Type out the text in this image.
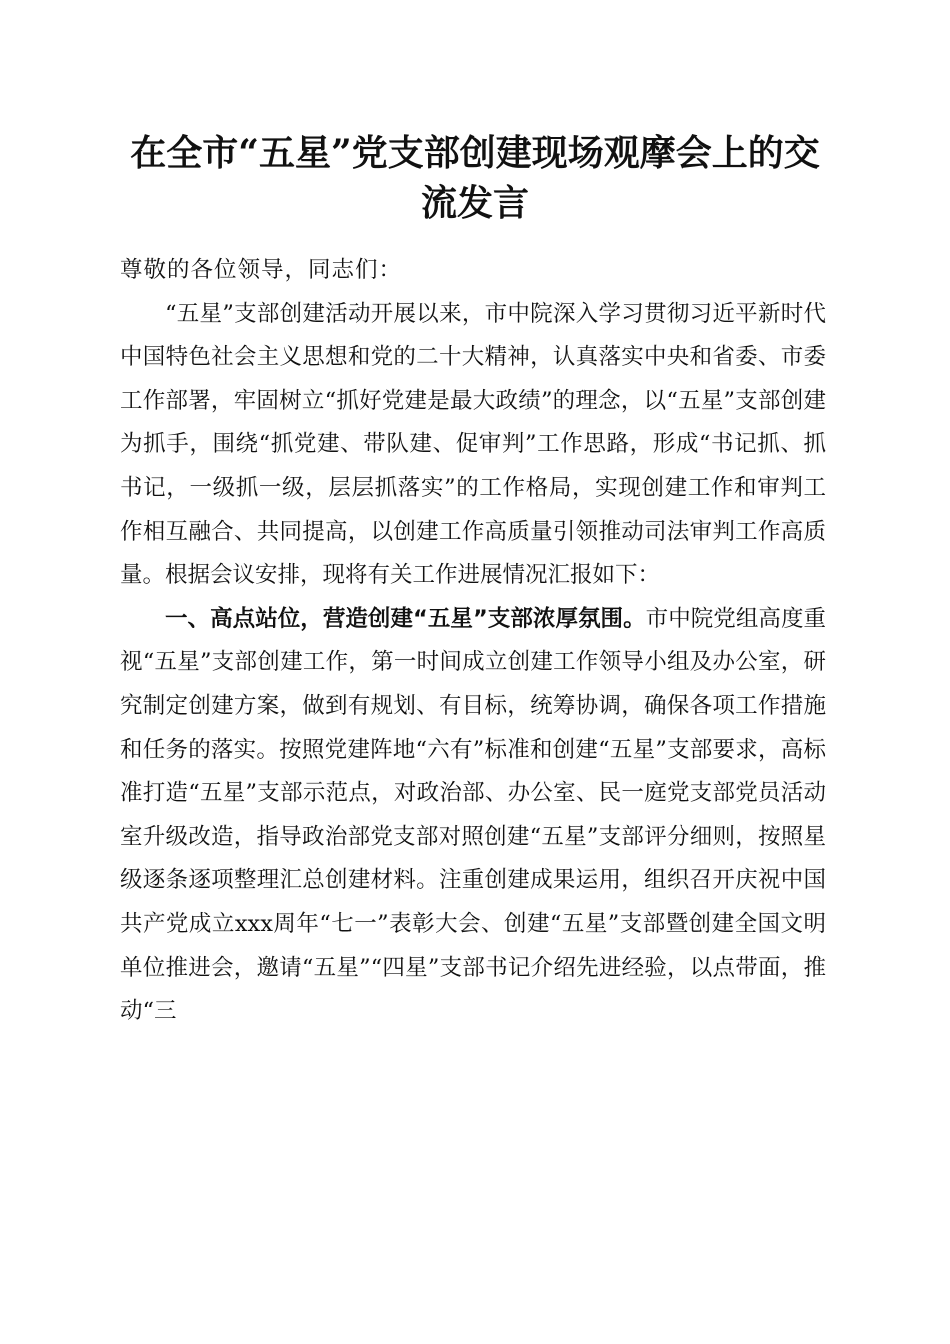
在全市“五星”党支部创建现场观摩会上的交
流发言

尊敬的各位领导，同志们：

“五星”支部创建活动开展以来，市中院深入学习贯彻习近平新时代中国特色社会主义思想和党的二十大精神，认真落实中央和省委、市委工作部署，牢固树立“抓好党建是最大政绩”的理念，以“五星”支部创建为抓手，围绕“抓党建、带队建、促审判”工作思路，形成“书记抓、抓书记，一级抓一级，层层抓落实”的工作格局，实现创建工作和审判工作相互融合、共同提高，以创建工作高质量引领推动司法审判工作高质量。根据会议安排，现将有关工作进展情况汇报如下：

一、高点站位，营造创建“五星”支部浓厚氛围。市中院党组高度重视“五星”支部创建工作，第一时间成立创建工作领导小组及办公室，研究制定创建方案，做到有规划、有目标，统筹协调，确保各项工作措施和任务的落实。按照党建阵地“六有”标准和创建“五星”支部要求，高标准打造“五星”支部示范点，对政治部、办公室、民一庭党支部党员活动室升级改造，指导政治部党支部对照创建“五星”支部评分细则，按照星级逐条逐项整理汇总创建材料。注重创建成果运用，组织召开庆祝中国共产党成立xxx周年“七一”表彰大会、创建“五星”支部暨创建全国文明单位推进会，邀请“五星”“四星”支部书记介绍先进经验，以点带面，推动“三
